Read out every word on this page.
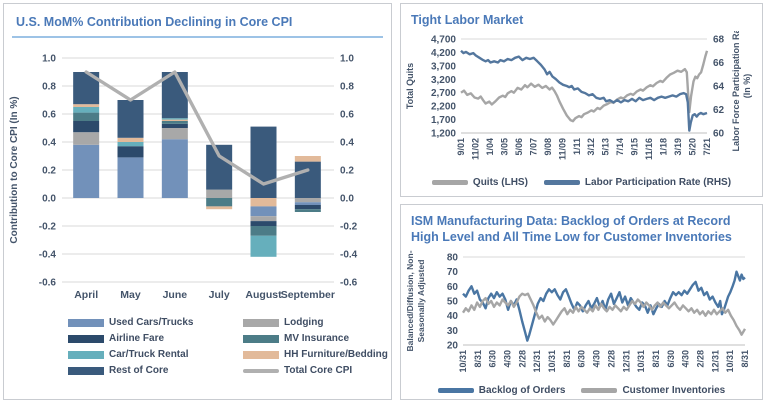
U.S. MoM% Contribution Declining in Core CPI
1.0	1.0
0.8	0.8
0.6	0.6
0.4	0.4
0.2	0.2
0.0	0.0
-0.2	-0.2
-0.4	-0.4
-0.6	-0.6
April May June July August September
Contribution to Core CPI (In %)
Used Cars/Trucks	Lodging
Airline Fare	MV Insurance
Car/Truck Rental	HH Furniture/Bedding
Rest of Core	Total Core CPI
Tight Labor Market
4,700
4,200
3,700
3,200
2,700
2,200
1,700
1,200
68
66
64
62
60
9/01 11/02 1/04 3/05 5/06 7/07 9/08 11/09 1/11 3/12 5/13 7/14 9/15 11/16 1/18 3/19 5/20 7/21
Total Quits	Labor Force Participation Rate (In %)
Quits (LHS)	Labor Participation Rate (RHS)
ISM Manufacturing Data: Backlog of Orders at Record High Level and All Time Low for Customer Inventories
80
70
60
50
40
30
20
10/31 8/31 6/30 4/30 2/28 12/31 10/31 8/31 6/30 4/30 2/28 12/31 10/31 8/31 6/30 4/30 2/28 12/31 10/31 8/31
Balanced/Diffusion, Non- Seasonally Adjusted
Backlog of Orders	Customer Inventories
